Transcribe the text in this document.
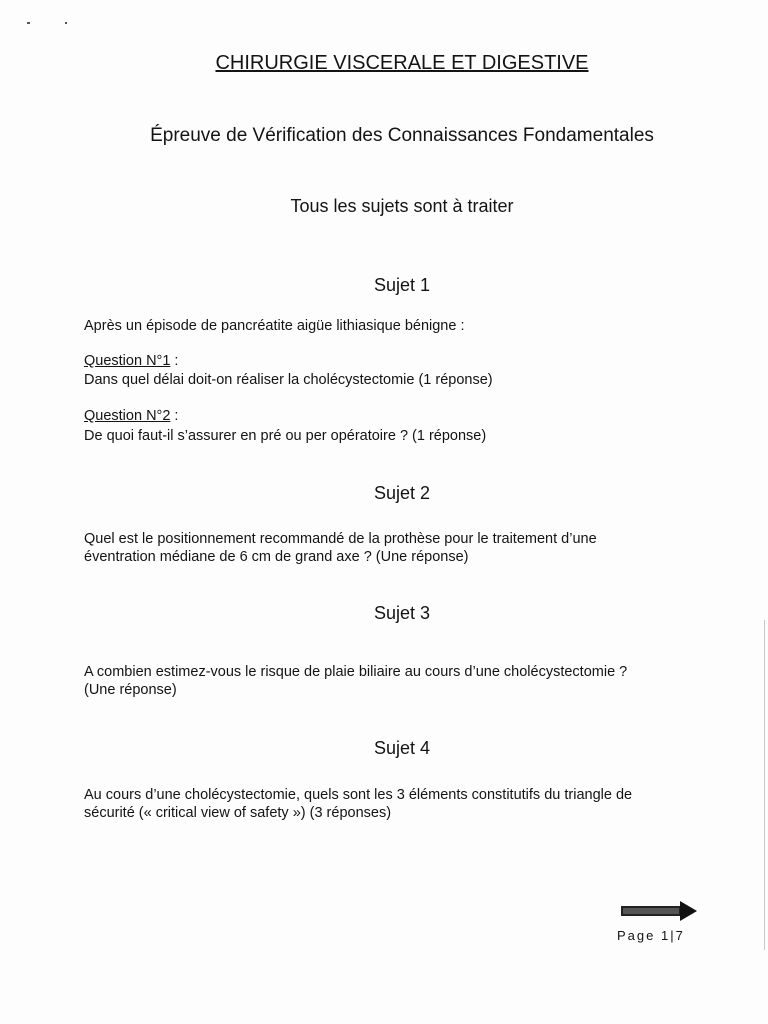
CHIRURGIE VISCERALE ET DIGESTIVE
Épreuve de Vérification des Connaissances Fondamentales
Tous les sujets sont à traiter
Sujet 1
Après un épisode de pancréatite aigüe lithiasique bénigne :
Question N°1 :
Dans quel délai doit-on réaliser la cholécystectomie (1 réponse)
Question N°2 :
De quoi faut-il s’assurer en pré ou per opératoire ? (1 réponse)
Sujet 2
Quel est le positionnement recommandé de la prothèse pour le traitement d’une
éventration médiane de 6 cm de grand axe ? (Une réponse)
Sujet 3
A combien estimez-vous le risque de plaie biliaire au cours d’une cholécystectomie ?
(Une réponse)
Sujet 4
Au cours d’une cholécystectomie, quels sont les 3 éléments constitutifs du triangle de
sécurité (« critical view of safety ») (3 réponses)
Page 1|7
